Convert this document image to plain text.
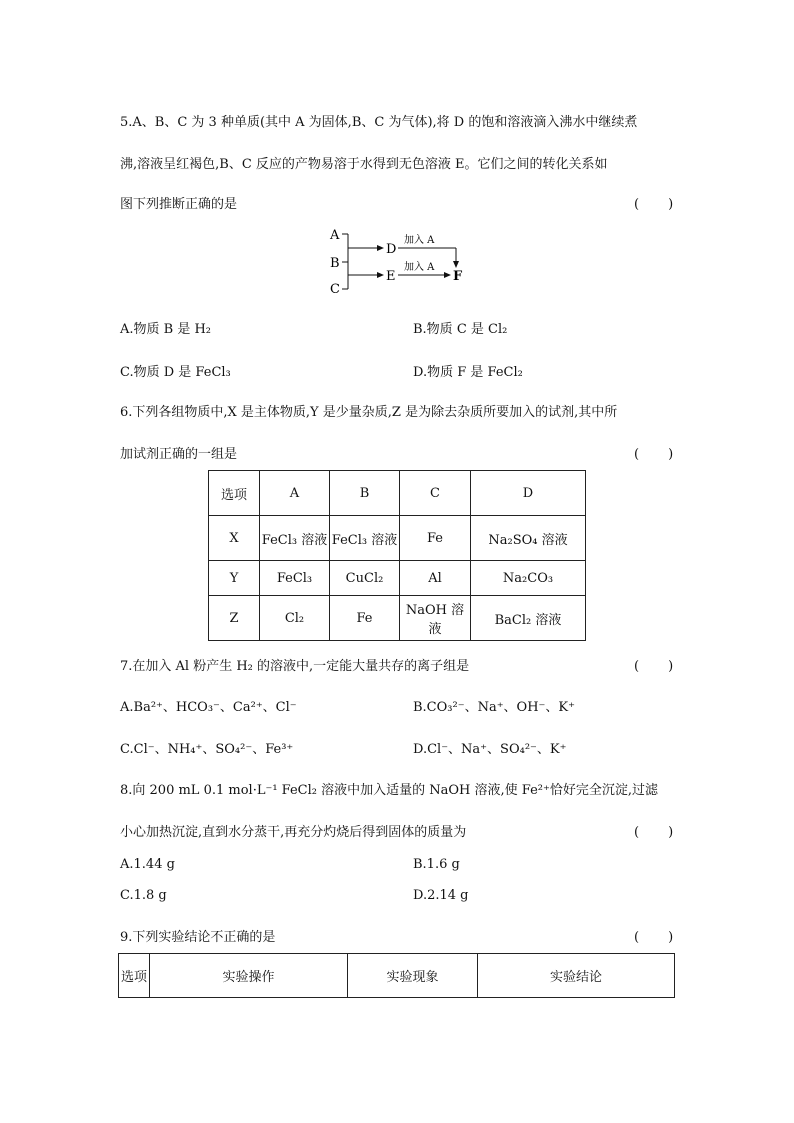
5.A、B、C 为 3 种单质(其中 A 为固体,B、C 为气体),将 D 的饱和溶液滴入沸水中继续煮
沸,溶液呈红褐色,B、C 反应的产物易溶于水得到无色溶液 E。它们之间的转化关系如
图下列推断正确的是	(　　)
A
B
C
D
E
加入 A
加入 A
F
A.物质 B 是 H₂	B.物质 C 是 Cl₂
C.物质 D 是 FeCl₃	D.物质 F 是 FeCl₂
6.下列各组物质中,X 是主体物质,Y 是少量杂质,Z 是为除去杂质所要加入的试剂,其中所
加试剂正确的一组是	(　　)
选项	A	B	C	D
X	FeCl₃ 溶液	FeCl₃ 溶液	Fe	Na₂SO₄ 溶液
Y	FeCl₃	CuCl₂	Al	Na₂CO₃
Z	Cl₂	Fe	NaOH 溶液	BaCl₂ 溶液
7.在加入 Al 粉产生 H₂ 的溶液中,一定能大量共存的离子组是	(　　)
A.Ba²⁺、HCO₃⁻、Ca²⁺、Cl⁻	B.CO₃²⁻、Na⁺、OH⁻、K⁺
C.Cl⁻、NH₄⁺、SO₄²⁻、Fe³⁺	D.Cl⁻、Na⁺、SO₄²⁻、K⁺
8.向 200 mL 0.1 mol·L⁻¹ FeCl₂ 溶液中加入适量的 NaOH 溶液,使 Fe²⁺恰好完全沉淀,过滤
小心加热沉淀,直到水分蒸干,再充分灼烧后得到固体的质量为	(　　)
A.1.44 g	B.1.6 g
C.1.8 g	D.2.14 g
9.下列实验结论不正确的是	(　　)
选项	实验操作	实验现象	实验结论
